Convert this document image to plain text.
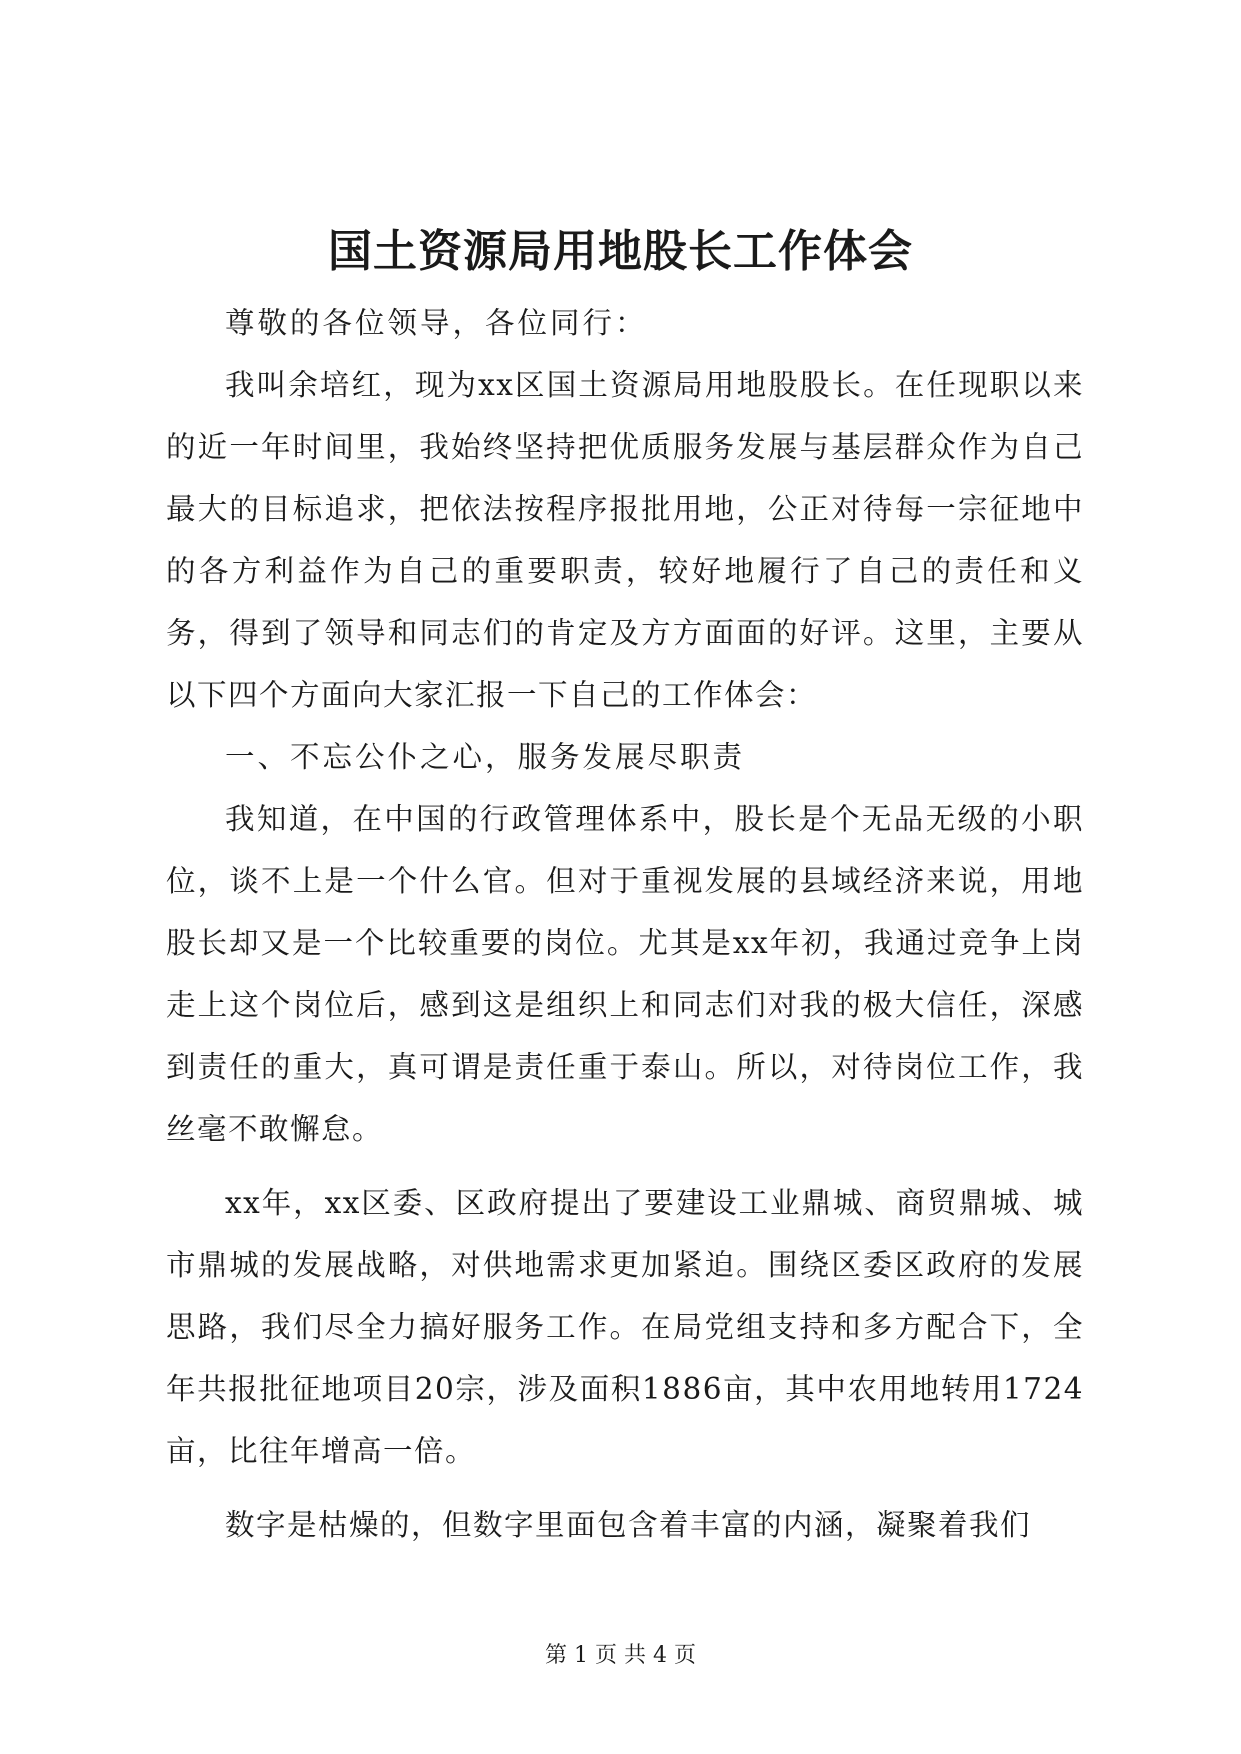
国土资源局用地股长工作体会

尊敬的各位领导，各位同行：

我叫余培红，现为xx区国土资源局用地股股长。在任现职以来的近一年时间里，我始终坚持把优质服务发展与基层群众作为自己最大的目标追求，把依法按程序报批用地，公正对待每一宗征地中的各方利益作为自己的重要职责，较好地履行了自己的责任和义务，得到了领导和同志们的肯定及方方面面的好评。这里，主要从以下四个方面向大家汇报一下自己的工作体会：

一、不忘公仆之心，服务发展尽职责

我知道，在中国的行政管理体系中，股长是个无品无级的小职位，谈不上是一个什么官。但对于重视发展的县域经济来说，用地股长却又是一个比较重要的岗位。尤其是xx年初，我通过竞争上岗走上这个岗位后，感到这是组织上和同志们对我的极大信任，深感到责任的重大，真可谓是责任重于泰山。所以，对待岗位工作，我丝毫不敢懈怠。

xx年，xx区委、区政府提出了要建设工业鼎城、商贸鼎城、城市鼎城的发展战略，对供地需求更加紧迫。围绕区委区政府的发展思路，我们尽全力搞好服务工作。在局党组支持和多方配合下，全年共报批征地项目20宗，涉及面积1886亩，其中农用地转用1724亩，比往年增高一倍。

数字是枯燥的，但数字里面包含着丰富的内涵，凝聚着我们

第 1 页 共 4 页
